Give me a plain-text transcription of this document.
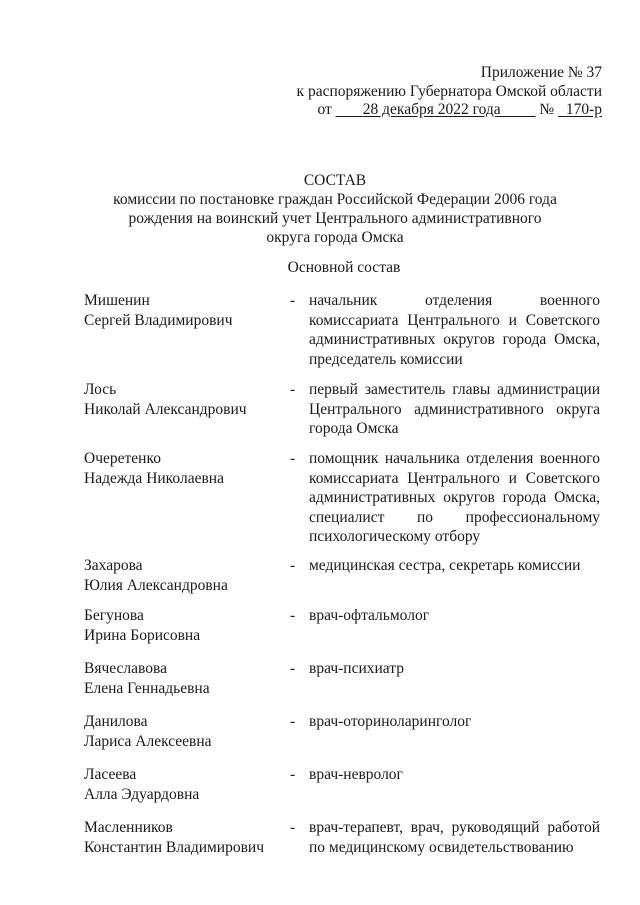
Приложение № 37
к распоряжению Губернатора Омской области
от 28 декабря 2022 года	№ 170-р
СОСТАВ
комиссии по постановке граждан Российской Федерации 2006 года
рождения на воинский учет Центрального административного
округа города Омска
Основной состав
Мишенин
Сергей Владимирович
- начальник отделения военного комиссариата Центрального и Советского административных округов города Омска, председатель комиссии
Лось
Николай Александрович
- первый заместитель главы администрации Центрального административного округа города Омска
Очеретенко
Надежда Николаевна
- помощник начальника отделения военного комиссариата Центрального и Советского административных округов города Омска, специалист по профессиональному психологическому отбору
Захарова
Юлия Александровна
- медицинская сестра, секретарь комиссии
Бегунова
Ирина Борисовна
- врач-офтальмолог
Вячеславова
Елена Геннадьевна
- врач-психиатр
Данилова
Лариса Алексеевна
- врач-оториноларинголог
Ласеева
Алла Эдуардовна
- врач-невролог
Масленников
Константин Владимирович
- врач-терапевт, врач, руководящий работой по медицинскому освидетельствованию
